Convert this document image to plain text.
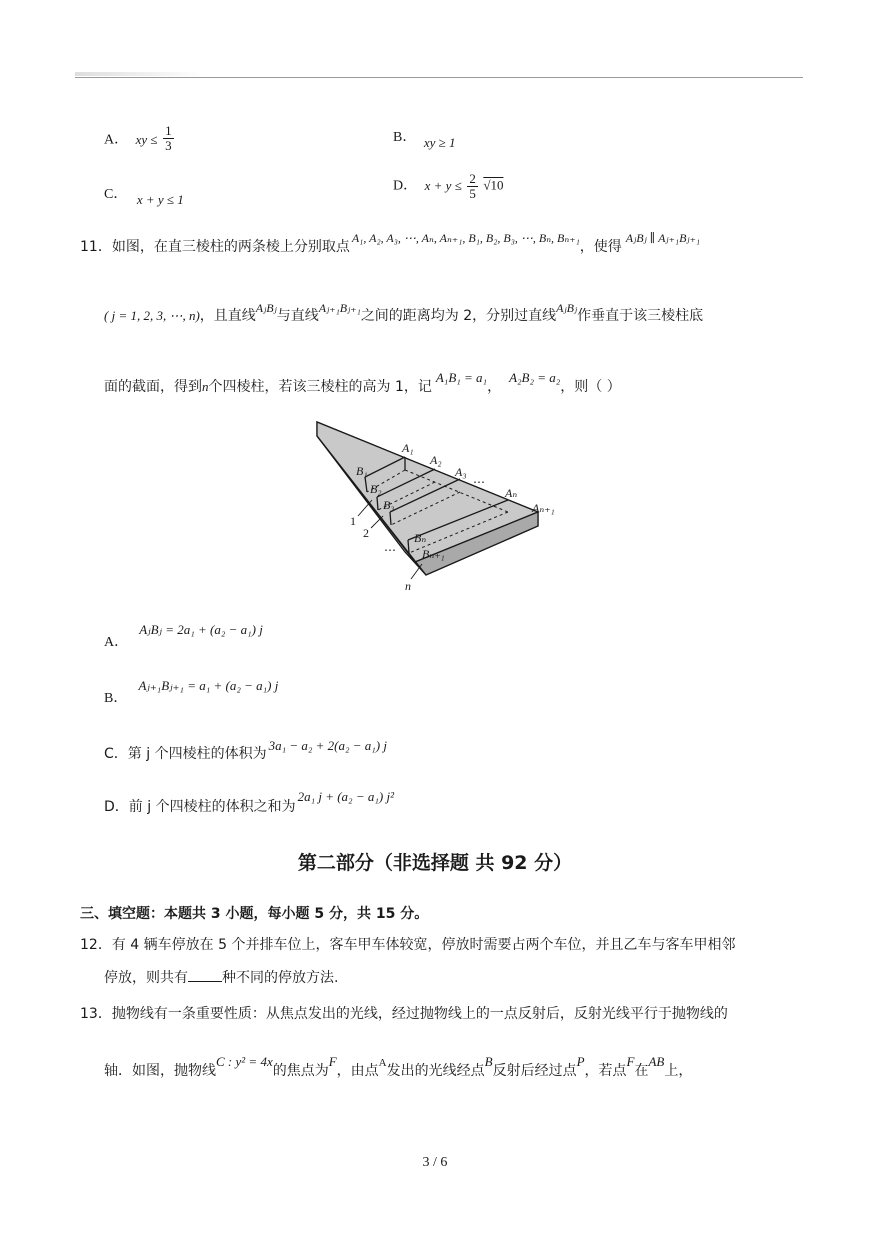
A． xy ≤ $\frac{1}{3}$	B． xy ≥ 1
C． x + y ≤ 1
D． $x + y \le \frac{2}{5} √10$
11．如图，在直三棱柱的两条棱上分别取点A₁, A₂, A₃, ⋯, Aₙ, Aₙ₊₁, B₁, B₂, B₃, ⋯, Bₙ, Bₙ₊₁，使得AⱼBⱼ ∥ Aⱼ₊₁Bⱼ₊₁
( j = 1, 2, 3, ⋯, n)，且直线AⱼBⱼ与直线Aⱼ₊₁Bⱼ₊₁之间的距离均为 2，分别过直线AⱼBⱼ作垂直于该三棱柱底
面的截面，得到n个四棱柱，若该三棱柱的高为 1，记A₁B₁ = a₁，A₂B₂ = a₂，则（ ）
A₁
A₂
A₃
⋯
Aₙ
Aₙ₊₁
B₁
B₂
B₃
Bₙ
Bₙ₊₁
1
2
⋯
n
A． AⱼBⱼ = 2a₁ + (a₂ − a₁) j
B． Aⱼ₊₁Bⱼ₊₁ = a₁ + (a₂ − a₁) j
C．第 j 个四棱柱的体积为3a₁ − a₂ + 2(a₂ − a₁) j
D．前 j 个四棱柱的体积之和为2a₁ j + (a₂ − a₁) j²
第二部分（非选择题 共 92 分）
三、填空题：本题共 3 小题，每小题 5 分，共 15 分。
12．有 4 辆车停放在 5 个并排车位上，客车甲车体较宽，停放时需要占两个车位，并且乙车与客车甲相邻
停放，则共有 种不同的停放方法.
13．抛物线有一条重要性质：从焦点发出的光线，经过抛物线上的一点反射后，反射光线平行于抛物线的
轴．如图，抛物线C : y² = 4x的焦点为F，由点$^A$发出的光线经点B反射后经过点P，若点F在AB上，
3 / 6
